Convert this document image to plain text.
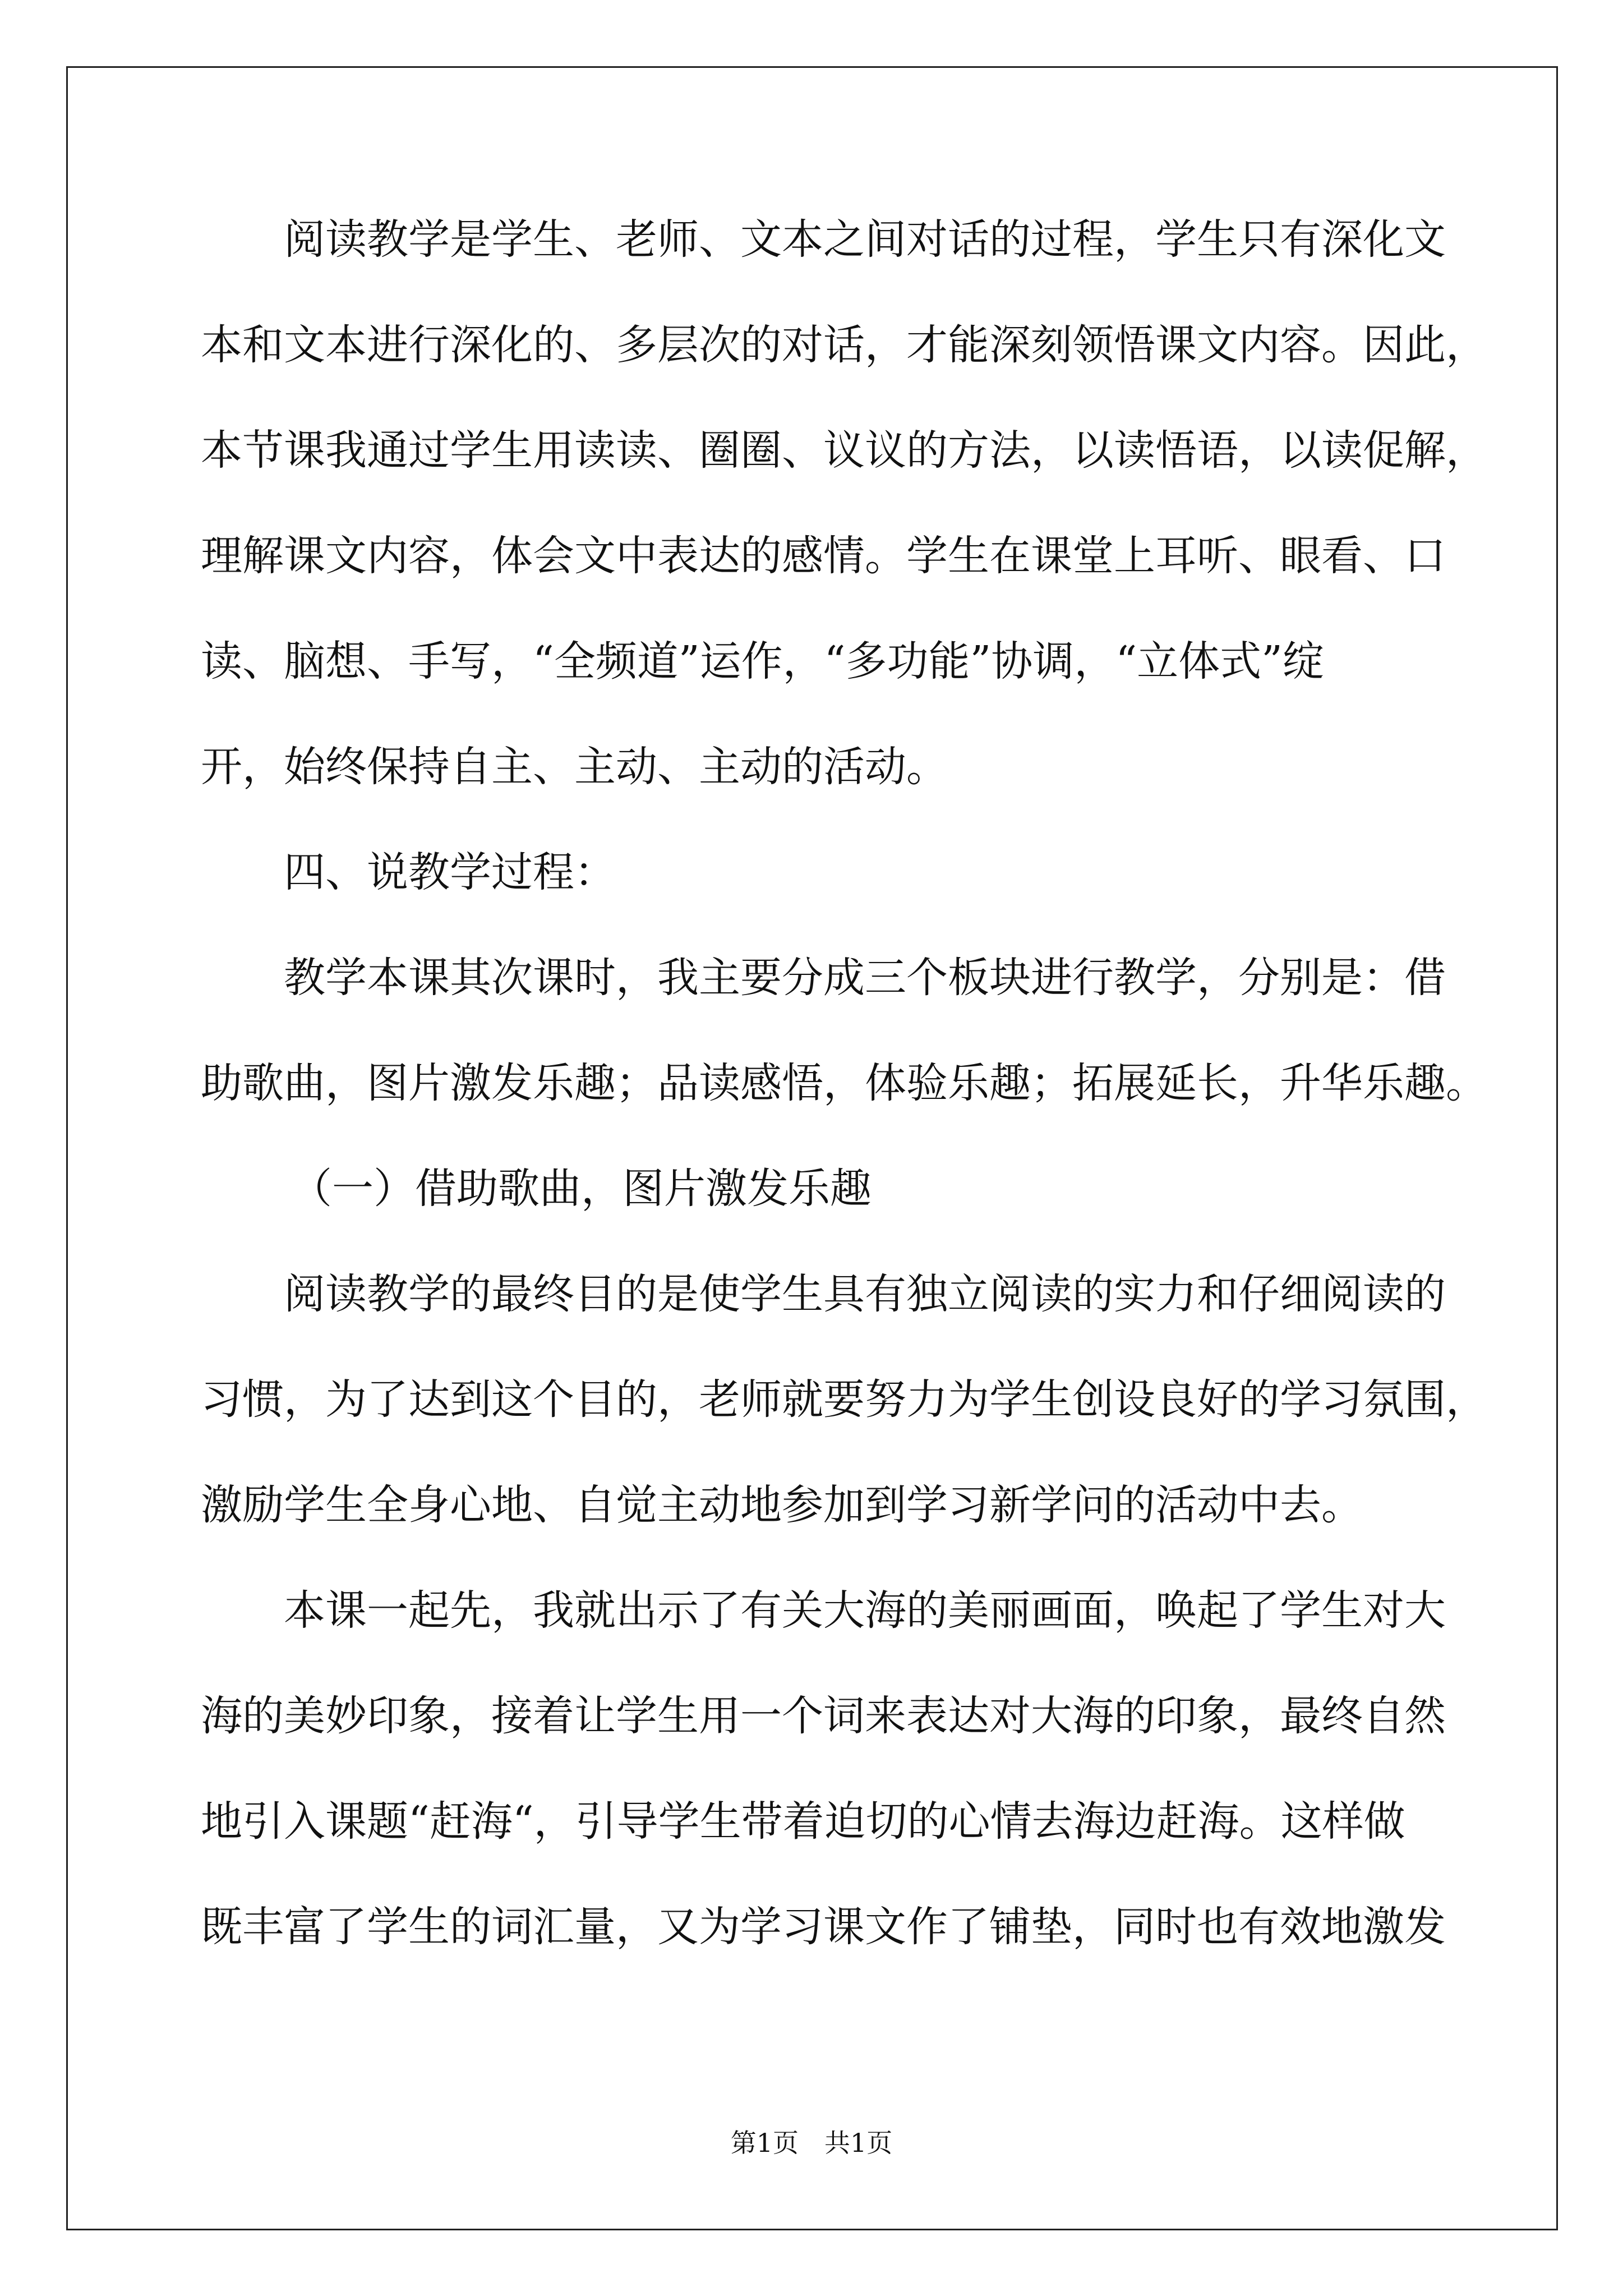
阅读教学是学生、老师、文本之间对话的过程，学生只有深化文
本和文本进行深化的、多层次的对话，才能深刻领悟课文内容。因此，
本节课我通过学生用读读、圈圈、议议的方法，以读悟语，以读促解，
理解课文内容，体会文中表达的感情。学生在课堂上耳听、眼看、口
读、脑想、手写，“全频道”运作，“多功能”协调，“立体式”绽
开，始终保持自主、主动、主动的活动。
四、说教学过程：
教学本课其次课时，我主要分成三个板块进行教学，分别是：借
助歌曲，图片激发乐趣；品读感悟，体验乐趣；拓展延长，升华乐趣。
（一）借助歌曲，图片激发乐趣
阅读教学的最终目的是使学生具有独立阅读的实力和仔细阅读的
习惯，为了达到这个目的，老师就要努力为学生创设良好的学习氛围，
激励学生全身心地、自觉主动地参加到学习新学问的活动中去。
本课一起先，我就出示了有关大海的美丽画面，唤起了学生对大
海的美妙印象，接着让学生用一个词来表达对大海的印象，最终自然
地引入课题“赶海“，引导学生带着迫切的心情去海边赶海。这样做
既丰富了学生的词汇量，又为学习课文作了铺垫，同时也有效地激发
第1页　共1页
